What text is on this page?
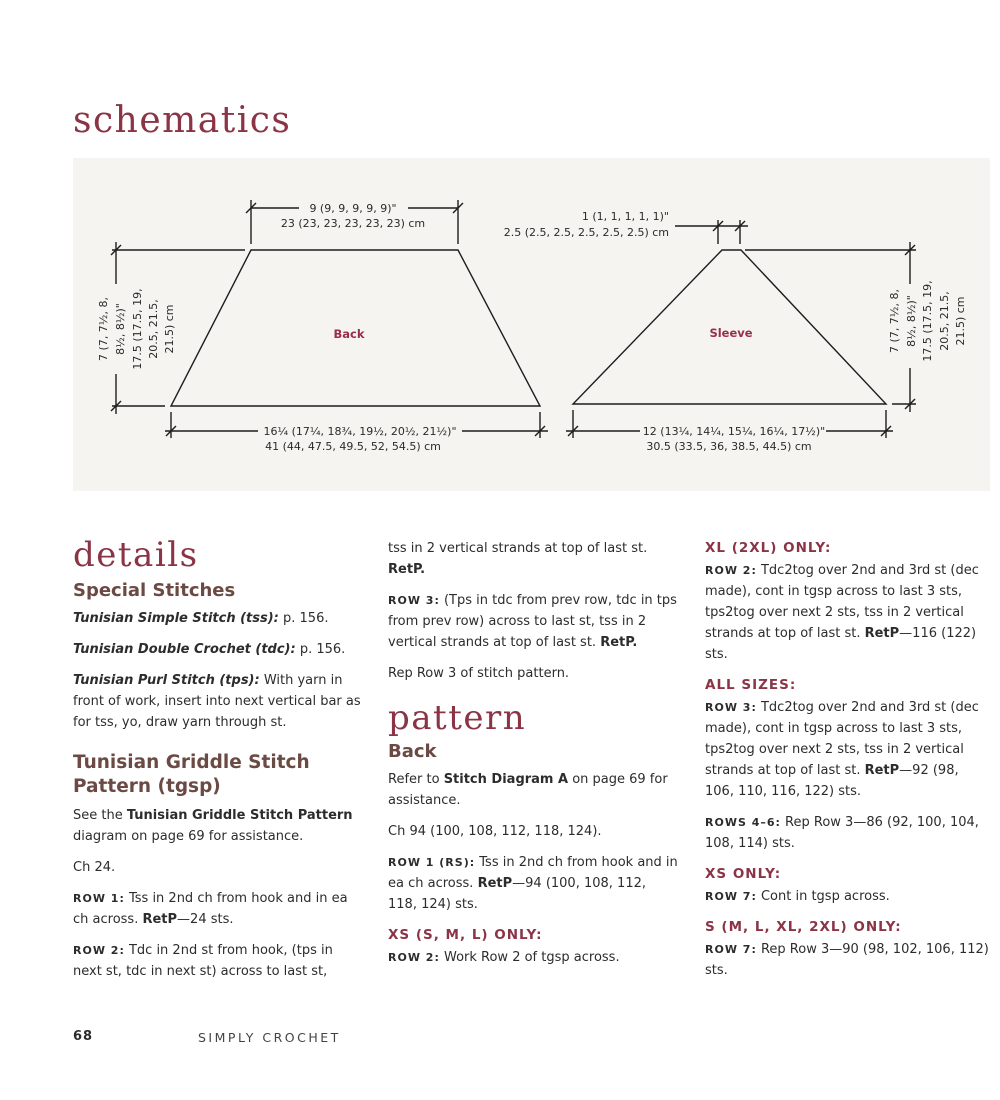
schematics
9 (9, 9, 9, 9, 9)"
23 (23, 23, 23, 23, 23) cm
Back
7 (7, 7½, 8, 8½, 8½)" 17.5 (17.5, 19, 20.5, 21.5, 21.5) cm
16¼ (17¼, 18¾, 19½, 20½, 21½)"
41 (44, 47.5, 49.5, 52, 54.5) cm
1 (1, 1, 1, 1, 1)"
2.5 (2.5, 2.5, 2.5, 2.5, 2.5) cm
Sleeve	7 (7, 7½, 8, 8½, 8½)" 17.5 (17.5, 19, 20.5, 21.5, 21.5) cm
12 (13¼, 14¼, 15¼, 16¼, 17½)"
30.5 (33.5, 36, 38.5, 44.5) cm
details
Special Stitches

Tunisian Simple Stitch (tss): p. 156.

Tunisian Double Crochet (tdc): p. 156.

Tunisian Purl Stitch (tps): With yarn in front of work, insert into next vertical bar as for tss, yo, draw yarn through st.

Tunisian Griddle Stitch Pattern (tgsp)

See the Tunisian Griddle Stitch Pattern diagram on page 69 for assistance.

Ch 24.

ROW 1: Tss in 2nd ch from hook and in ea ch across. RetP—24 sts.

ROW 2: Tdc in 2nd st from hook, (tps in next st, tdc in next st) across to last st,

tss in 2 vertical strands at top of last st. RetP.

ROW 3: (Tps in tdc from prev row, tdc in tps from prev row) across to last st, tss in 2 vertical strands at top of last st. RetP.

Rep Row 3 of stitch pattern.

pattern
Back

Refer to Stitch Diagram A on page 69 for assistance.

Ch 94 (100, 108, 112, 118, 124).

ROW 1 (RS): Tss in 2nd ch from hook and in ea ch across. RetP—94 (100, 108, 112, 118, 124) sts.

XS (S, M, L) ONLY:

ROW 2: Work Row 2 of tgsp across.

XL (2XL) ONLY:

ROW 2: Tdc2tog over 2nd and 3rd st (dec made), cont in tgsp across to last 3 sts, tps2tog over next 2 sts, tss in 2 vertical strands at top of last st. RetP—116 (122) sts.

ALL SIZES:

ROW 3: Tdc2tog over 2nd and 3rd st (dec made), cont in tgsp across to last 3 sts, tps2tog over next 2 sts, tss in 2 vertical strands at top of last st. RetP—92 (98, 106, 110, 116, 122) sts.

ROWS 4–6: Rep Row 3—86 (92, 100, 104, 108, 114) sts.

XS ONLY:

ROW 7: Cont in tgsp across.

S (M, L, XL, 2XL) ONLY:

ROW 7: Rep Row 3—90 (98, 102, 106, 112) sts.

68	SIMPLY CROCHET
